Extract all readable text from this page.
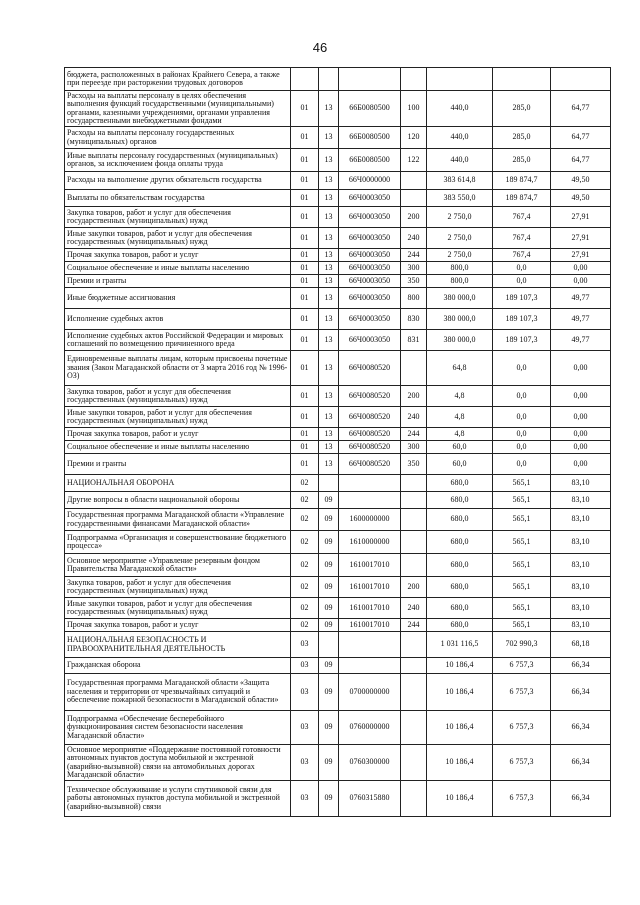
46
бюджета, расположенных в районах Крайнего Севера, а также при переезде при расторжении трудовых договоров							
Расходы на выплаты персоналу в целях обеспечения выполнения функций государственными (муниципальными) органами, казенными учреждениями, органами управления государственными внебюджетными фондами	01	13	66Б0080500	100	440,0	285,0	64,77
Расходы на выплаты персоналу государственных (муниципальных) органов	01	13	66Б0080500	120	440,0	285,0	64,77
Иные выплаты персоналу государственных (муниципальных) органов, за исключением фонда оплаты труда	01	13	66Б0080500	122	440,0	285,0	64,77
Расходы на выполнение других обязательств государства	01	13	66Ч0000000		383 614,8	189 874,7	49,50
Выплаты по обязательствам государства	01	13	66Ч0003050		383 550,0	189 874,7	49,50
Закупка товаров, работ и услуг для обеспечения государственных (муниципальных) нужд	01	13	66Ч0003050	200	2 750,0	767,4	27,91
Иные закупки товаров, работ и услуг для обеспечения государственных (муниципальных) нужд	01	13	66Ч0003050	240	2 750,0	767,4	27,91
Прочая закупка товаров, работ и услуг	01	13	66Ч0003050	244	2 750,0	767,4	27,91
Социальное обеспечение и иные выплаты населению	01	13	66Ч0003050	300	800,0	0,0	0,00
Премии и гранты	01	13	66Ч0003050	350	800,0	0,0	0,00
Иные бюджетные ассигнования	01	13	66Ч0003050	800	380 000,0	189 107,3	49,77
Исполнение судебных актов	01	13	66Ч0003050	830	380 000,0	189 107,3	49,77
Исполнение судебных актов Российской Федерации и мировых соглашений по возмещению причиненного вреда	01	13	66Ч0003050	831	380 000,0	189 107,3	49,77
Единовременные выплаты лицам, которым присвоены почетные звания (Закон Магаданской области от 3 марта 2016 год № 1996-ОЗ)	01	13	66Ч0080520		64,8	0,0	0,00
Закупка товаров, работ и услуг для обеспечения государственных (муниципальных) нужд	01	13	66Ч0080520	200	4,8	0,0	0,00
Иные закупки товаров, работ и услуг для обеспечения государственных (муниципальных) нужд	01	13	66Ч0080520	240	4,8	0,0	0,00
Прочая закупка товаров, работ и услуг	01	13	66Ч0080520	244	4,8	0,0	0,00
Социальное обеспечение и иные выплаты населению	01	13	66Ч0080520	300	60,0	0,0	0,00
Премии и гранты	01	13	66Ч0080520	350	60,0	0,0	0,00
НАЦИОНАЛЬНАЯ ОБОРОНА	02				680,0	565,1	83,10
Другие вопросы в области национальной обороны	02	09			680,0	565,1	83,10
Государственная программа Магаданской области «Управление государственными финансами Магаданской области»	02	09	1600000000		680,0	565,1	83,10
Подпрограмма «Организация и совершенствование бюджетного процесса»	02	09	1610000000		680,0	565,1	83,10
Основное мероприятие «Управление резервным фондом Правительства Магаданской области»	02	09	1610017010		680,0	565,1	83,10
Закупка товаров, работ и услуг для обеспечения государственных (муниципальных) нужд	02	09	1610017010	200	680,0	565,1	83,10
Иные закупки товаров, работ и услуг для обеспечения государственных (муниципальных) нужд	02	09	1610017010	240	680,0	565,1	83,10
Прочая закупка товаров, работ и услуг	02	09	1610017010	244	680,0	565,1	83,10
НАЦИОНАЛЬНАЯ БЕЗОПАСНОСТЬ И ПРАВООХРАНИТЕЛЬНАЯ ДЕЯТЕЛЬНОСТЬ	03				1 031 116,5	702 990,3	68,18
Гражданская оборона	03	09			10 186,4	6 757,3	66,34
Государственная программа Магаданской области «Защита населения и территории от чрезвычайных ситуаций и обеспечение пожарной безопасности в Магаданской области»	03	09	0700000000		10 186,4	6 757,3	66,34
Подпрограмма «Обеспечение бесперебойного функционирования систем безопасности населения Магаданской области»	03	09	0760000000		10 186,4	6 757,3	66,34
Основное мероприятие «Поддержание постоянной готовности автономных пунктов доступа мобильной и экстренной (аварийно-вызывной) связи на автомобильных дорогах Магаданской области»	03	09	0760300000		10 186,4	6 757,3	66,34
Техническое обслуживание и услуги спутниковой связи для работы автономных пунктов доступа мобильной и экстренной (аварийно-вызывной) связи	03	09	0760315880		10 186,4	6 757,3	66,34
